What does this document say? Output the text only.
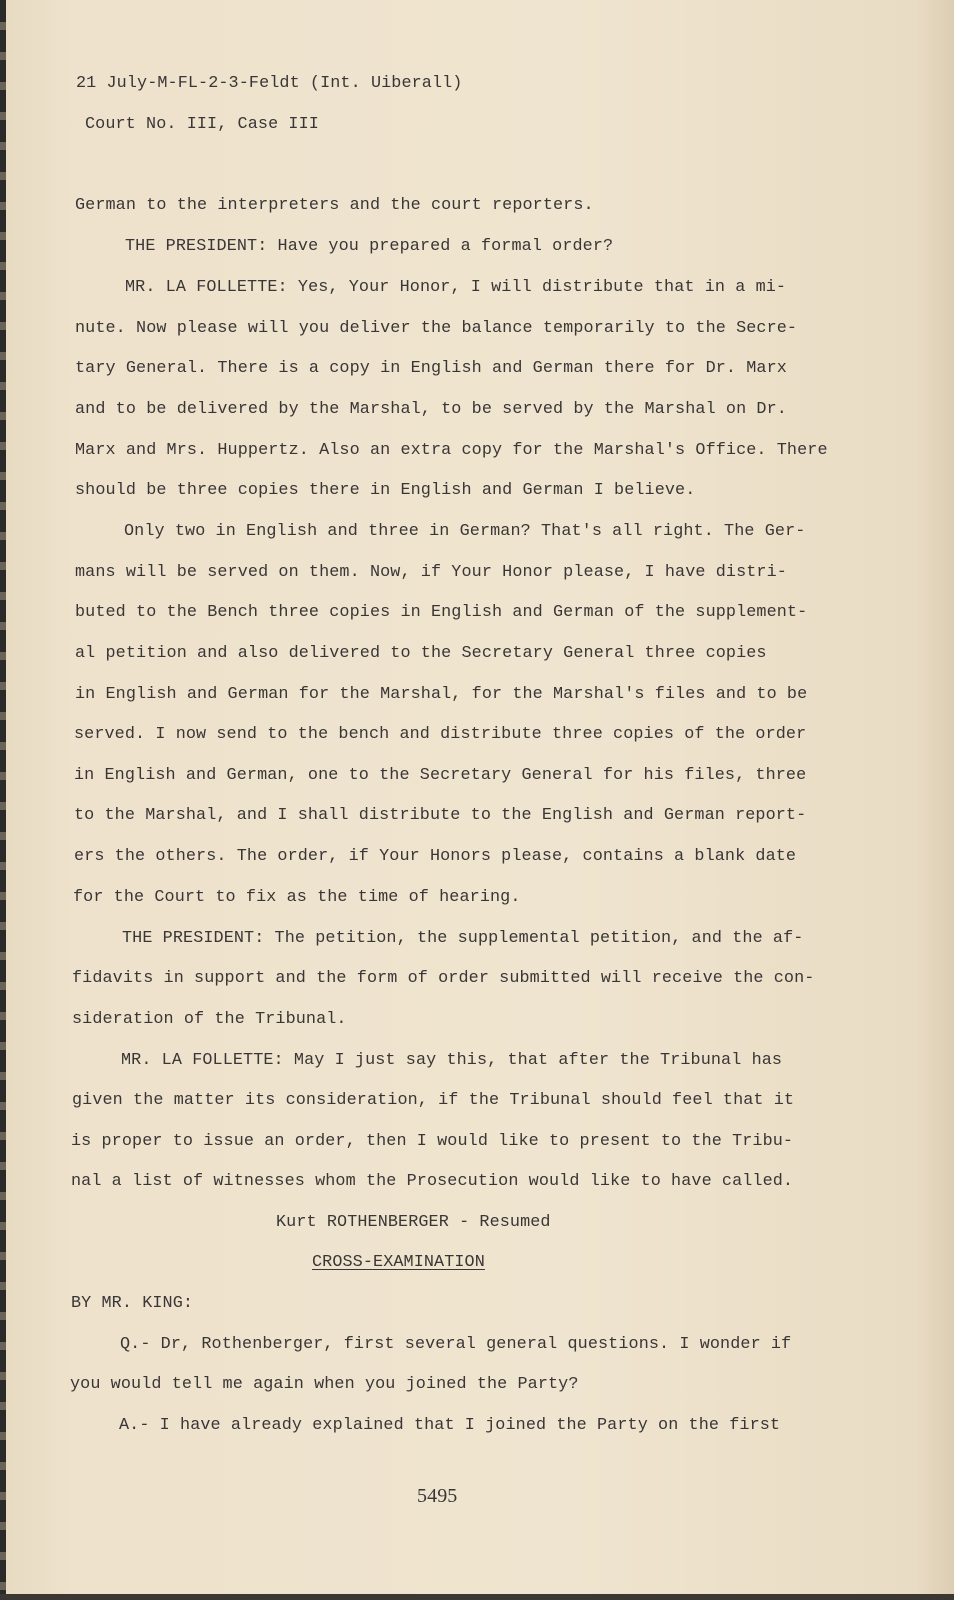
21 July-M-FL-2-3-Feldt (Int. Uiberall)
Court No. III, Case III
German to the interpreters and the court reporters.
THE PRESIDENT: Have you prepared a formal order?
MR. LA FOLLETTE: Yes, Your Honor, I will distribute that in a mi-
nute. Now please will you deliver the balance temporarily to the Secre-
tary General. There is a copy in English and German there for Dr. Marx
and to be delivered by the Marshal, to be served by the Marshal on Dr.
Marx and Mrs. Huppertz. Also an extra copy for the Marshal's Office. There
should be three copies there in English and German I believe.
Only two in English and three in German? That's all right. The Ger-
mans will be served on them. Now, if Your Honor please, I have distri-
buted to the Bench three copies in English and German of the supplement-
al petition and also delivered to the Secretary General three copies
in English and German for the Marshal, for the Marshal's files and to be
served. I now send to the bench and distribute three copies of the order
in English and German, one to the Secretary General for his files, three
to the Marshal, and I shall distribute to the English and German report-
ers the others. The order, if Your Honors please, contains a blank date
for the Court to fix as the time of hearing.
THE PRESIDENT: The petition, the supplemental petition, and the af-
fidavits in support and the form of order submitted will receive the con-
sideration of the Tribunal.
MR. LA FOLLETTE: May I just say this, that after the Tribunal has
given the matter its consideration, if the Tribunal should feel that it
is proper to issue an order, then I would like to present to the Tribu-
nal a list of witnesses whom the Prosecution would like to have called.
Kurt ROTHENBERGER - Resumed
CROSS-EXAMINATION
BY MR. KING:
Q.- Dr, Rothenberger, first several general questions. I wonder if
you would tell me again when you joined the Party?
A.- I have already explained that I joined the Party on the first
5495
